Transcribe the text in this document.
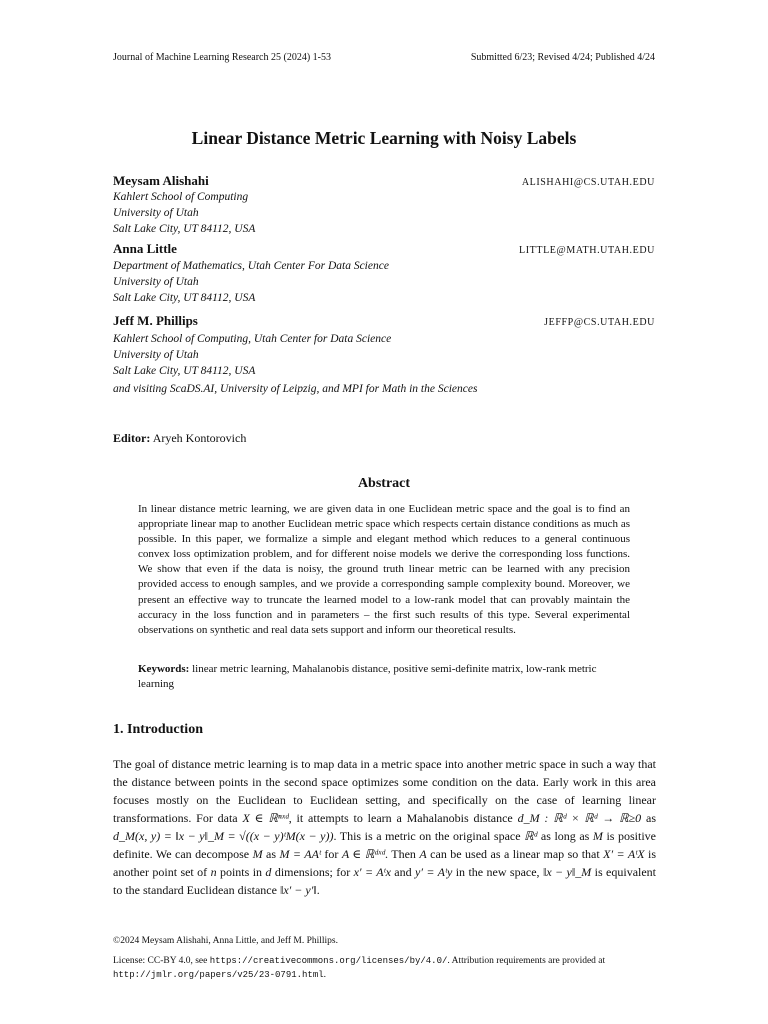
Journal of Machine Learning Research 25 (2024) 1-53	Submitted 6/23; Revised 4/24; Published 4/24
Linear Distance Metric Learning with Noisy Labels
Meysam Alishahi	ALISHAHI@CS.UTAH.EDU
Kahlert School of Computing
University of Utah
Salt Lake City, UT 84112, USA
Anna Little	LITTLE@MATH.UTAH.EDU
Department of Mathematics, Utah Center For Data Science
University of Utah
Salt Lake City, UT 84112, USA
Jeff M. Phillips	JEFFP@CS.UTAH.EDU
Kahlert School of Computing, Utah Center for Data Science
University of Utah
Salt Lake City, UT 84112, USA
and visiting ScaDS.AI, University of Leipzig, and MPI for Math in the Sciences
Editor: Aryeh Kontorovich
Abstract
In linear distance metric learning, we are given data in one Euclidean metric space and the goal is to find an appropriate linear map to another Euclidean metric space which respects certain distance conditions as much as possible. In this paper, we formalize a simple and elegant method which reduces to a general continuous convex loss optimization problem, and for different noise models we derive the corresponding loss functions. We show that even if the data is noisy, the ground truth linear metric can be learned with any precision provided access to enough samples, and we provide a corresponding sample complexity bound. Moreover, we present an effective way to truncate the learned model to a low-rank model that can provably maintain the accuracy in the loss function and in parameters – the first such results of this type. Several experimental observations on synthetic and real data sets support and inform our theoretical results.
Keywords: linear metric learning, Mahalanobis distance, positive semi-definite matrix, low-rank metric learning
1. Introduction
The goal of distance metric learning is to map data in a metric space into another metric space in such a way that the distance between points in the second space optimizes some condition on the data. Early work in this area focuses mostly on the Euclidean to Euclidean setting, and specifically on the case of learning linear transformations. For data X ∈ ℝⁿˣᵈ, it attempts to learn a Mahalanobis distance d_M : ℝᵈ × ℝᵈ → ℝ≥0 as d_M(x, y) = ‖x − y‖_M = √((x − y)ᵗM(x − y)). This is a metric on the original space ℝᵈ as long as M is positive definite. We can decompose M as M = AAᵗ for A ∈ ℝᵈˣᵈ. Then A can be used as a linear map so that X′ = AᵗX is another point set of n points in d dimensions; for x′ = Aᵗx and y′ = Aᵗy in the new space, ‖x − y‖_M is equivalent to the standard Euclidean distance ‖x′ − y′‖.
©2024 Meysam Alishahi, Anna Little, and Jeff M. Phillips.
License: CC-BY 4.0, see https://creativecommons.org/licenses/by/4.0/. Attribution requirements are provided at http://jmlr.org/papers/v25/23-0791.html.
